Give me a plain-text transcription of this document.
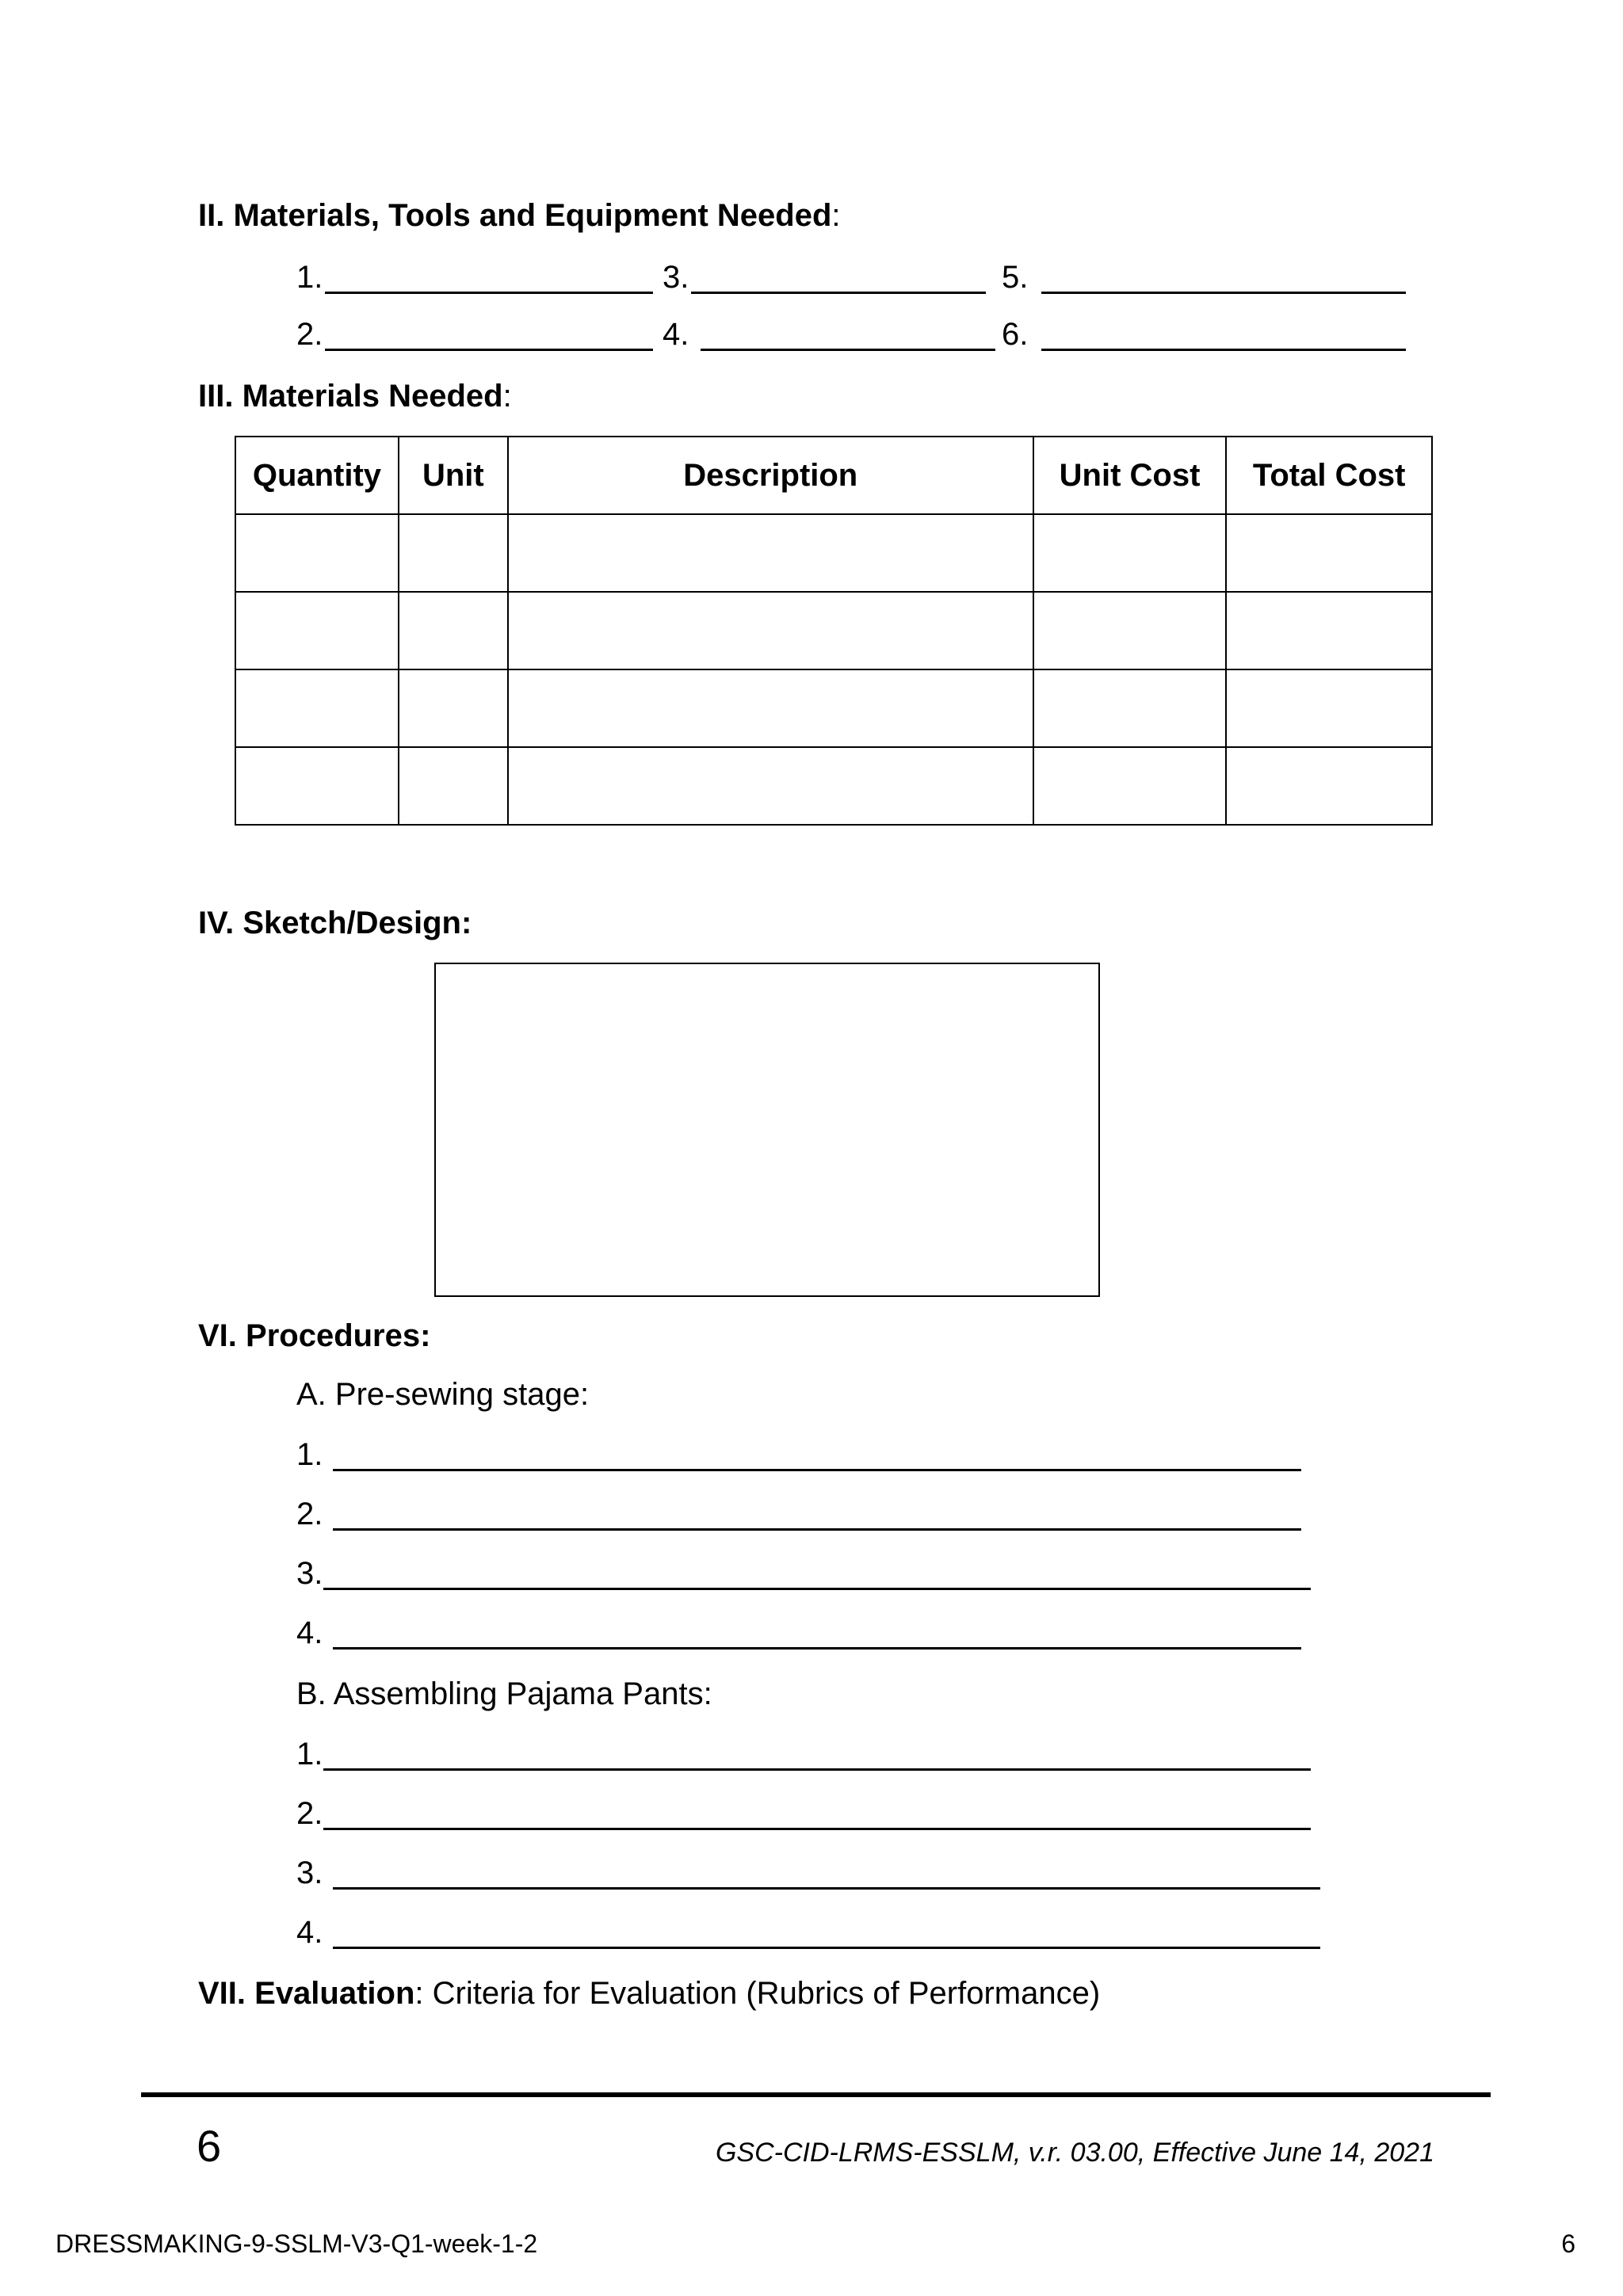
II. Materials, Tools and Equipment Needed:
1.	3.	5.
2.	4.	6.
III. Materials Needed:
Quantity	Unit	Description	Unit Cost	Total Cost

IV. Sketch/Design:
VI. Procedures:
A. Pre-sewing stage:
1.
2.
3.
4.
B. Assembling Pajama Pants:
1.
2.
3.
4.
VII. Evaluation: Criteria for Evaluation (Rubrics of Performance)
6	GSC-CID-LRMS-ESSLM, v.r. 03.00, Effective June 14, 2021
DRESSMAKING-9-SSLM-V3-Q1-week-1-2	6
